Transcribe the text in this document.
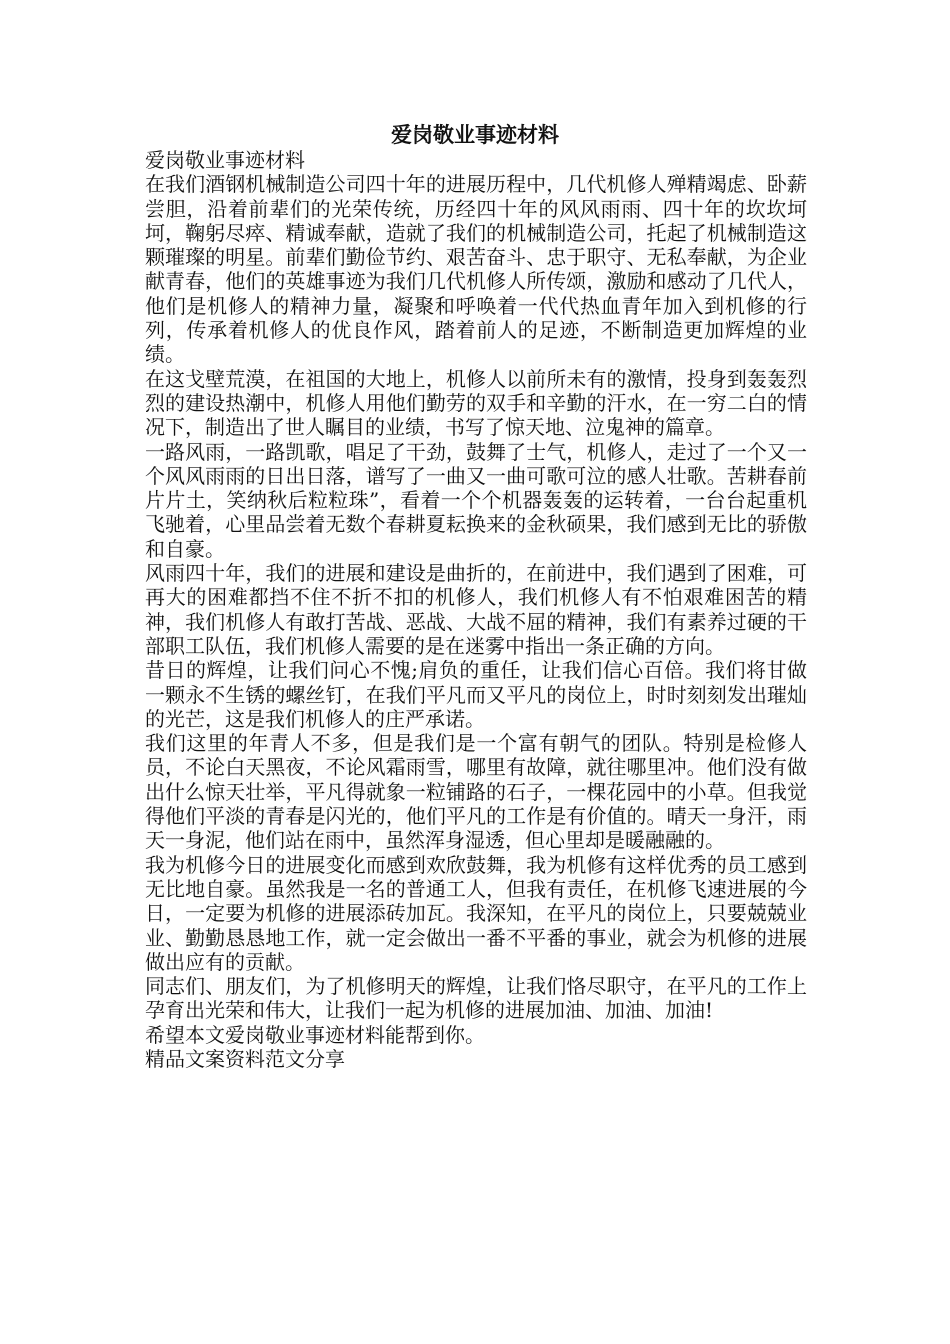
爱岗敬业事迹材料

爱岗敬业事迹材料

在我们酒钢机械制造公司四十年的进展历程中，几代机修人殚精竭虑、卧薪尝胆，沿着前辈们的光荣传统，历经四十年的风风雨雨、四十年的坎坎坷坷，鞠躬尽瘁、精诚奉献，造就了我们的机械制造公司，托起了机械制造这颗璀璨的明星。前辈们勤俭节约、艰苦奋斗、忠于职守、无私奉献，为企业献青春，他们的英雄事迹为我们几代机修人所传颂，激励和感动了几代人，他们是机修人的精神力量，凝聚和呼唤着一代代热血青年加入到机修的行列，传承着机修人的优良作风，踏着前人的足迹，不断制造更加辉煌的业绩。

在这戈壁荒漠，在祖国的大地上，机修人以前所未有的激情，投身到轰轰烈烈的建设热潮中，机修人用他们勤劳的双手和辛勤的汗水，在一穷二白的情况下，制造出了世人瞩目的业绩，书写了惊天地、泣鬼神的篇章。

一路风雨，一路凯歌，唱足了干劲，鼓舞了士气，机修人，走过了一个又一个风风雨雨的日出日落，谱写了一曲又一曲可歌可泣的感人壮歌。苦耕春前片片土，笑纳秋后粒粒珠”，看着一个个机器轰轰的运转着，一台台起重机飞驰着，心里品尝着无数个春耕夏耘换来的金秋硕果，我们感到无比的骄傲和自豪。

风雨四十年，我们的进展和建设是曲折的，在前进中，我们遇到了困难，可再大的困难都挡不住不折不扣的机修人，我们机修人有不怕艰难困苦的精神，我们机修人有敢打苦战、恶战、大战不屈的精神，我们有素养过硬的干部职工队伍，我们机修人需要的是在迷雾中指出一条正确的方向。

昔日的辉煌，让我们问心不愧;肩负的重任，让我们信心百倍。我们将甘做一颗永不生锈的螺丝钉，在我们平凡而又平凡的岗位上，时时刻刻发出璀灿的光芒，这是我们机修人的庄严承诺。

我们这里的年青人不多，但是我们是一个富有朝气的团队。特别是检修人员，不论白天黑夜，不论风霜雨雪，哪里有故障，就往哪里冲。他们没有做出什么惊天壮举，平凡得就象一粒铺路的石子，一棵花园中的小草。但我觉得他们平淡的青春是闪光的，他们平凡的工作是有价值的。晴天一身汗，雨天一身泥，他们站在雨中，虽然浑身湿透，但心里却是暖融融的。

我为机修今日的进展变化而感到欢欣鼓舞，我为机修有这样优秀的员工感到无比地自豪。虽然我是一名的普通工人，但我有责任，在机修飞速进展的今日，一定要为机修的进展添砖加瓦。我深知，在平凡的岗位上，只要兢兢业业、勤勤恳恳地工作，就一定会做出一番不平番的事业，就会为机修的进展做出应有的贡献。

同志们、朋友们，为了机修明天的辉煌，让我们恪尽职守，在平凡的工作上孕育出光荣和伟大，让我们一起为机修的进展加油、加油、加油!

希望本文爱岗敬业事迹材料能帮到你。

精品文案资料范文分享
